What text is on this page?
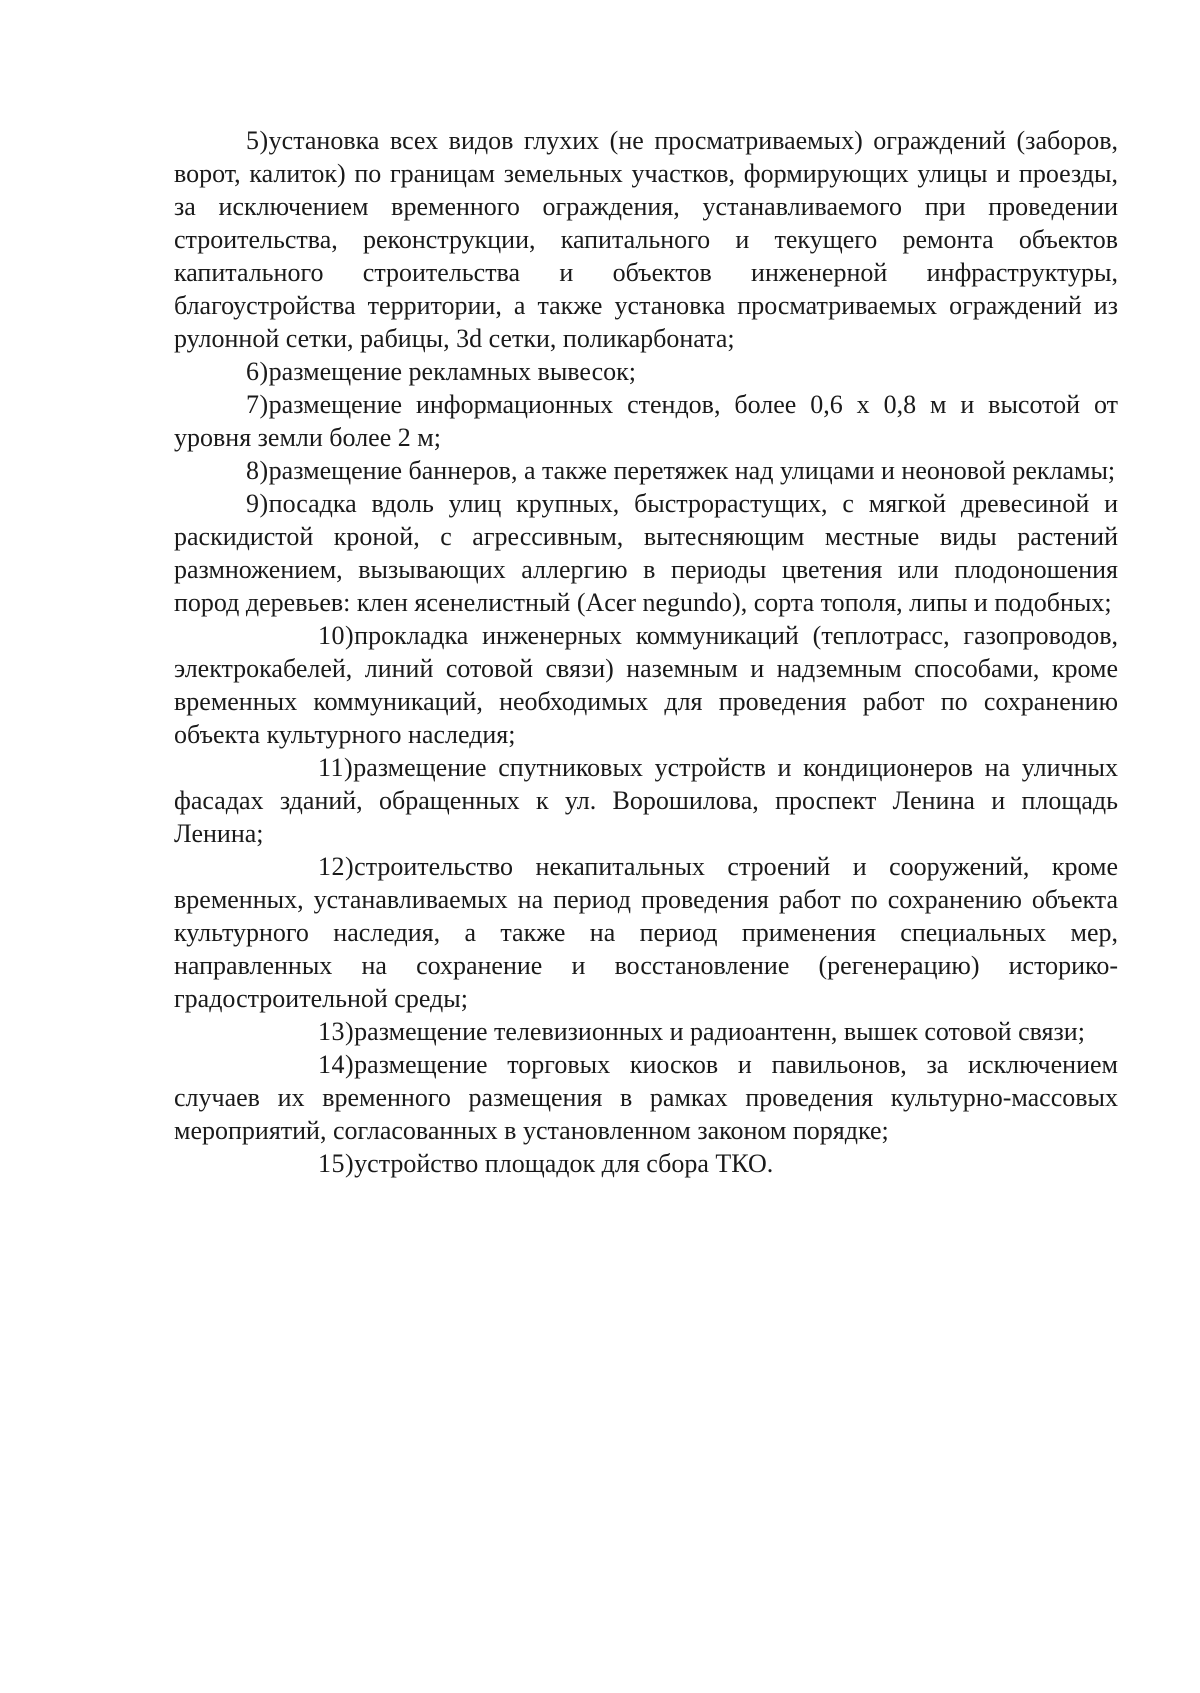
5)установка всех видов глухих (не просматриваемых) ограждений (заборов, ворот, калиток) по границам земельных участков, формирующих улицы и проезды, за исключением временного ограждения, устанавливаемого при проведении строительства, реконструкции, капитального и текущего ремонта объектов капитального строительства и объектов инженерной инфраструктуры, благоустройства территории, а также установка просматриваемых ограждений из рулонной сетки, рабицы, 3d сетки, поликарбоната;

6)размещение рекламных вывесок;

7)размещение информационных стендов, более 0,6 х 0,8 м и высотой от уровня земли более 2 м;

8)размещение баннеров, а также перетяжек над улицами и неоновой рекламы;

9)посадка вдоль улиц крупных, быстрорастущих, с мягкой древесиной и раскидистой кроной, с агрессивным, вытесняющим местные виды растений размножением, вызывающих аллергию в периоды цветения или плодоношения пород деревьев: клен ясенелистный (Acer negundo), сорта тополя, липы и подобных;

10)прокладка инженерных коммуникаций (теплотрасс, газопроводов, электрокабелей, линий сотовой связи) наземным и надземным способами, кроме временных коммуникаций, необходимых для проведения работ по сохранению объекта культурного наследия;

11)размещение спутниковых устройств и кондиционеров на уличных фасадах зданий, обращенных к ул. Ворошилова, проспект Ленина и площадь Ленина;

12)строительство некапитальных строений и сооружений, кроме временных, устанавливаемых на период проведения работ по сохранению объекта культурного наследия, а также на период применения специальных мер, направленных на сохранение и восстановление (регенерацию) историко-градостроительной среды;

13)размещение телевизионных и радиоантенн, вышек сотовой связи;

14)размещение торговых киосков и павильонов, за исключением случаев их временного размещения в рамках проведения культурно-массовых мероприятий, согласованных в установленном законом порядке;

15)устройство площадок для сбора ТКО.
